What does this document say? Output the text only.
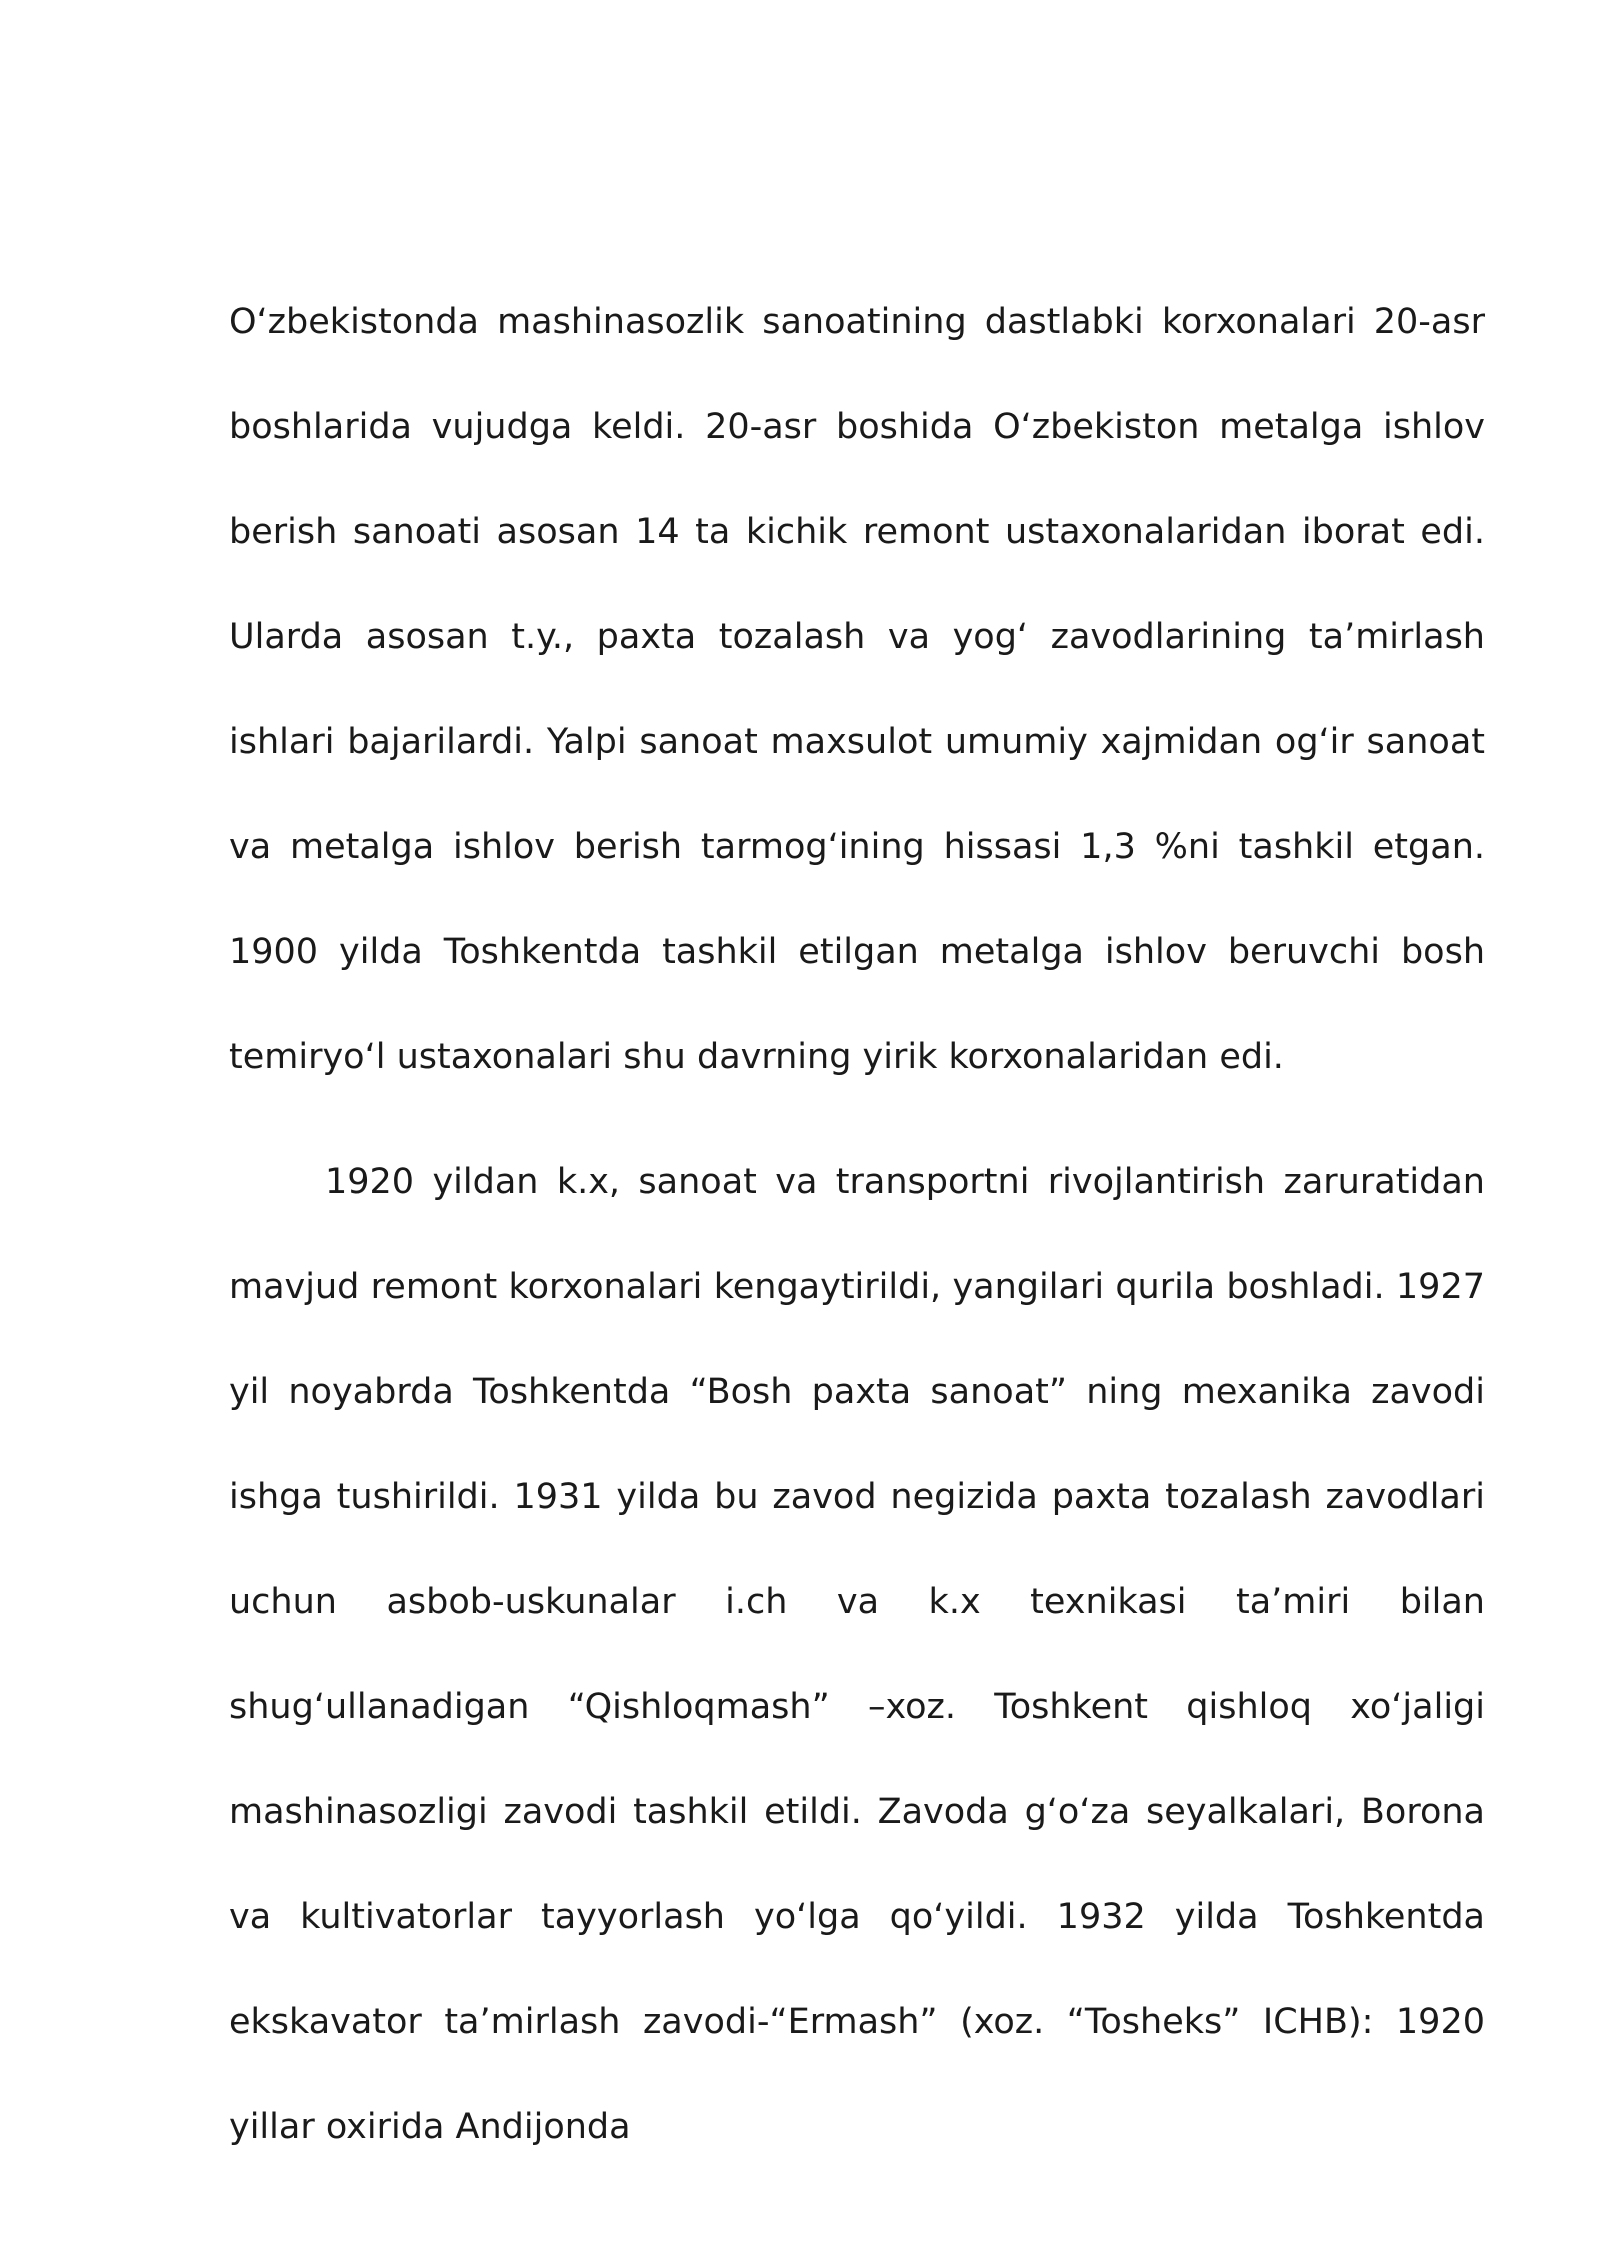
Oʻzbekistonda mashinasozlik sanoatining dastlabki korxonalari 20-asr boshlarida vujudga keldi. 20-asr boshida Oʻzbekiston metalga ishlov berish sanoati asosan 14 ta kichik remont ustaxonalaridan iborat edi. Ularda asosan t.y., paxta tozalash va yogʻ zavodlarining taʼmirlash ishlari bajarilardi. Yalpi sanoat maxsulot umumiy xajmidan ogʻir sanoat va metalga ishlov berish tarmogʻining hissasi 1,3 %ni tashkil etgan. 1900 yilda Toshkentda tashkil etilgan metalga ishlov beruvchi bosh temiryoʻl ustaxonalari shu davrning yirik korxonalaridan edi.

1920 yildan k.x, sanoat va transportni rivojlantirish zaruratidan mavjud remont korxonalari kengaytirildi, yangilari qurila boshladi. 1927 yil noyabrda Toshkentda “Bosh paxta sanoat” ning mexanika zavodi ishga tushirildi. 1931 yilda bu zavod negizida paxta tozalash zavodlari uchun asbob-uskunalar i.ch va k.x texnikasi taʼmiri bilan shugʻullanadigan “Qishloqmash” –xoz. Toshkent qishloq xoʻjaligi mashinasozligi zavodi tashkil etildi. Zavoda gʻoʻza seyalkalari, Borona va kultivatorlar tayyorlash yoʻlga qoʻyildi. 1932 yilda Toshkentda ekskavator taʼmirlash zavodi-“Ermash” (xoz. “Tosheks” ICHB): 1920 yillar oxirida Andijonda
